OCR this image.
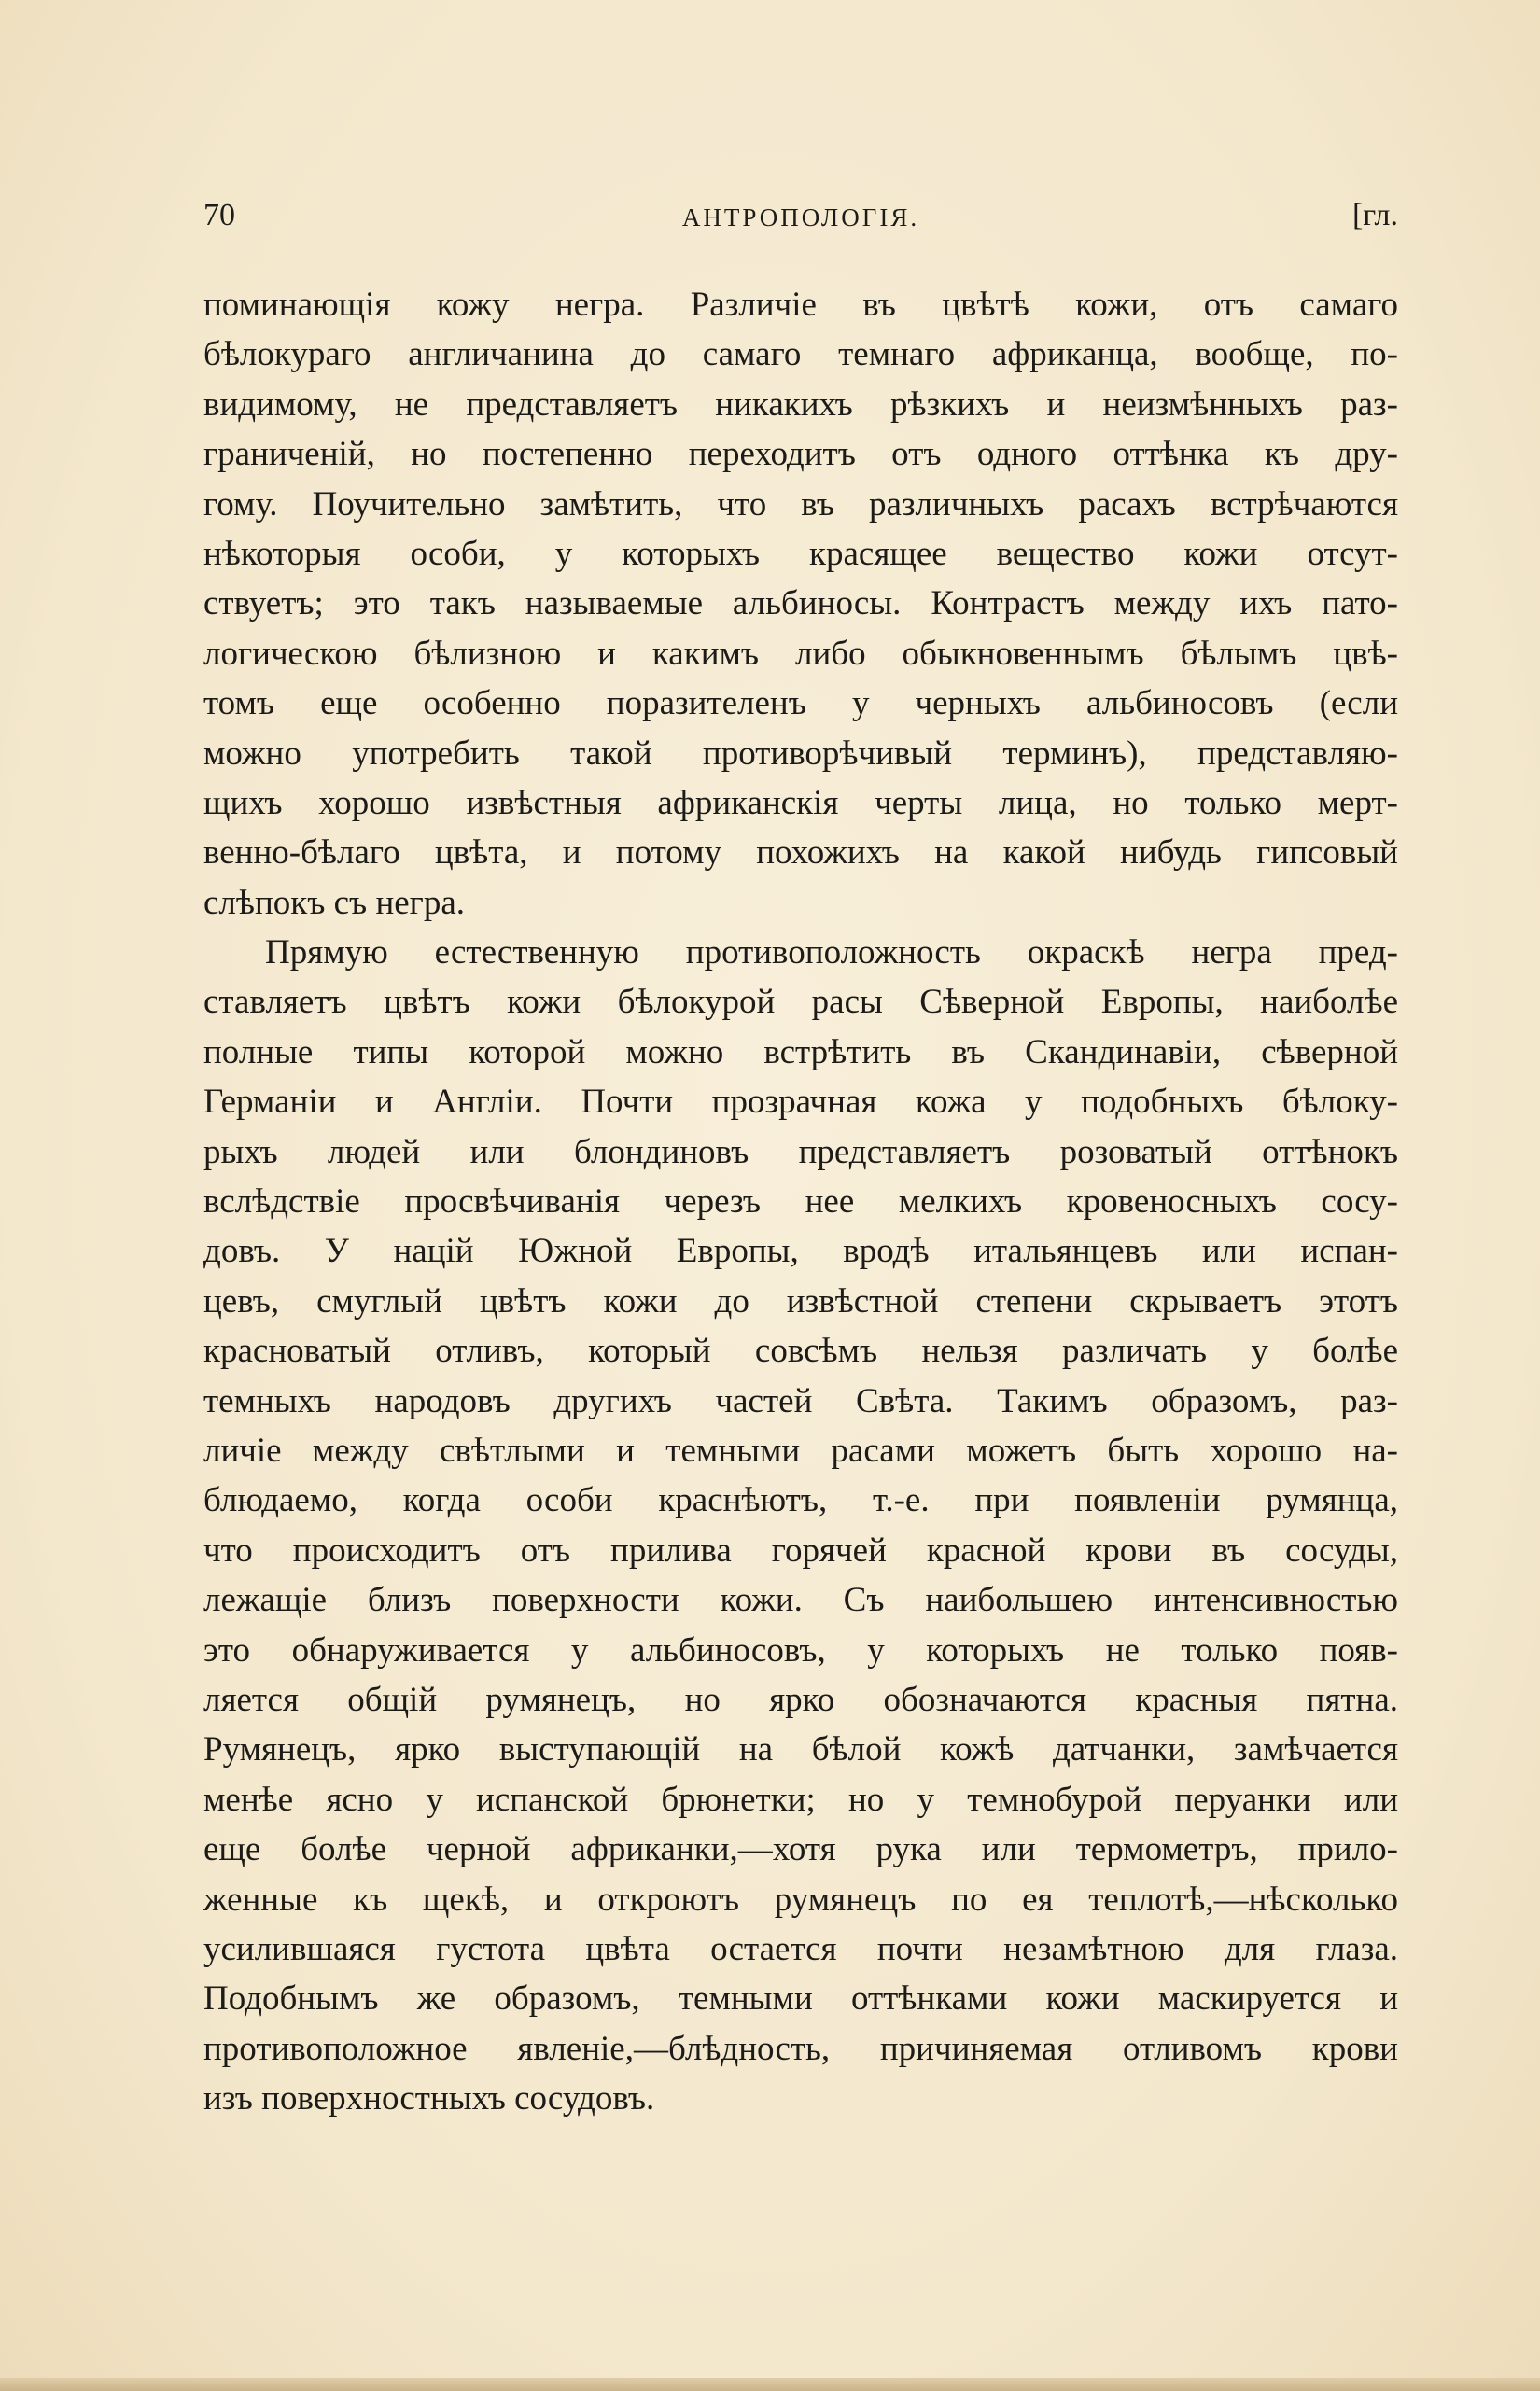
70	АНТРОПОЛОГІЯ.	[гл.
поминающія кожу негра. Различіе въ цвѣтѣ кожи, отъ самаго
бѣлокураго англичанина до самаго темнаго африканца, вообще, по-
видимому, не представляетъ никакихъ рѣзкихъ и неизмѣнныхъ раз-
граниченій, но постепенно переходитъ отъ одного оттѣнка къ дру-
гому. Поучительно замѣтить, что въ различныхъ расахъ встрѣчаются
нѣкоторыя особи, у которыхъ красящее вещество кожи отсут-
ствуетъ; это такъ называемые альбиносы. Контрастъ между ихъ пато-
логическою бѣлизною и какимъ либо обыкновеннымъ бѣлымъ цвѣ-
томъ еще особенно поразителенъ у черныхъ альбиносовъ (если
можно употребить такой противорѣчивый терминъ), представляю-
щихъ хорошо извѣстныя африканскія черты лица, но только мерт-
венно-бѣлаго цвѣта, и потому похожихъ на какой нибудь гипсовый
слѣпокъ съ негра.
Прямую естественную противоположность окраскѣ негра пред-
ставляетъ цвѣтъ кожи бѣлокурой расы Сѣверной Европы, наиболѣе
полные типы которой можно встрѣтить въ Скандинавіи, сѣверной
Германіи и Англіи. Почти прозрачная кожа у подобныхъ бѣлоку-
рыхъ людей или блондиновъ представляетъ розоватый оттѣнокъ
вслѣдствіе просвѣчиванія черезъ нее мелкихъ кровеносныхъ сосу-
довъ. У націй Южной Европы, вродѣ итальянцевъ или испан-
цевъ, смуглый цвѣтъ кожи до извѣстной степени скрываетъ этотъ
красноватый отливъ, который совсѣмъ нельзя различать у болѣе
темныхъ народовъ другихъ частей Свѣта. Такимъ образомъ, раз-
личіе между свѣтлыми и темными расами можетъ быть хорошо на-
блюдаемо, когда особи краснѣютъ, т.-е. при появленіи румянца,
что происходитъ отъ прилива горячей красной крови въ сосуды,
лежащіе близъ поверхности кожи. Съ наибольшею интенсивностью
это обнаруживается у альбиносовъ, у которыхъ не только появ-
ляется общій румянецъ, но ярко обозначаются красныя пятна.
Румянецъ, ярко выступающій на бѣлой кожѣ датчанки, замѣчается
менѣе ясно у испанской брюнетки; но у темнобурой перуанки или
еще болѣе черной африканки,—хотя рука или термометръ, прило-
женные къ щекѣ, и откроютъ румянецъ по ея теплотѣ,—нѣсколько
усилившаяся густота цвѣта остается почти незамѣтною для глаза.
Подобнымъ же образомъ, темными оттѣнками кожи маскируется и
противоположное явленіе,—блѣдность, причиняемая отливомъ крови
изъ поверхностныхъ сосудовъ.
